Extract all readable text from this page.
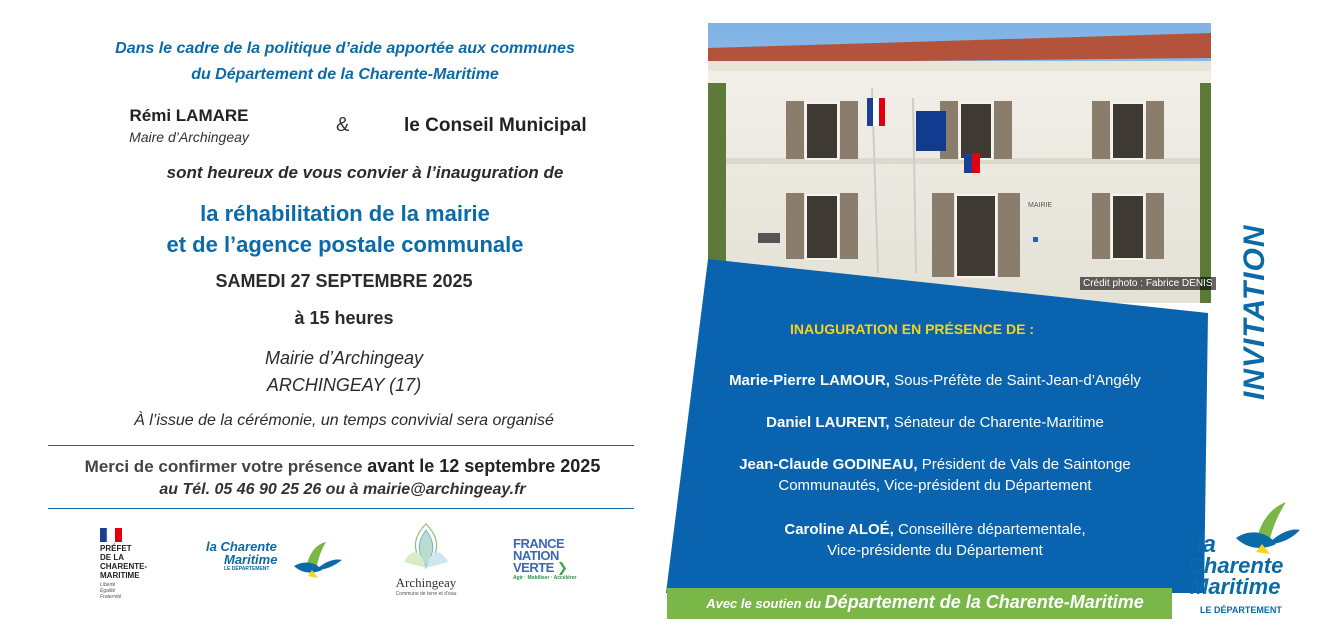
Dans le cadre de la politique d’aide apportée aux communes
du Département de la Charente-Maritime
Rémi LAMARE
Maire d’Archingeay
&	le Conseil Municipal
sont heureux de vous convier à l’inauguration de
la réhabilitation de la mairie
et de l’agence postale communale
SAMEDI 27 SEPTEMBRE 2025
à 15 heures
Mairie d’Archingeay
ARCHINGEAY (17)
À l’issue de la cérémonie, un temps convivial sera organisé
Merci de confirmer votre présence avant le 12 septembre 2025
au Tél. 05 46 90 25 26 ou à mairie@archingeay.fr
PRÉFET
DE LA
CHARENTE-
MARITIME
Liberté
Égalité
Fraternité
la Charente
Maritime
LE DÉPARTEMENT
Archingeay
Commune de terre et d’eau
FRANCE
NATION
VERTE ❯
Agir · Mobiliser · Accélérer
MAIRIE
Crédit photo : Fabrice DENIS
INAUGURATION EN PRÉSENCE DE :
Marie-Pierre LAMOUR, Sous-Préfète de Saint-Jean-d’Angély
Daniel LAURENT, Sénateur de Charente-Maritime
Jean-Claude GODINEAU, Président de Vals de Saintonge
Communautés, Vice-président du Département
Caroline ALOÉ, Conseillère départementale,
Vice-présidente du Département
Avec le soutien du Département de la Charente-Maritime
INVITATION
la
Charente
Maritime
LE DÉPARTEMENT
